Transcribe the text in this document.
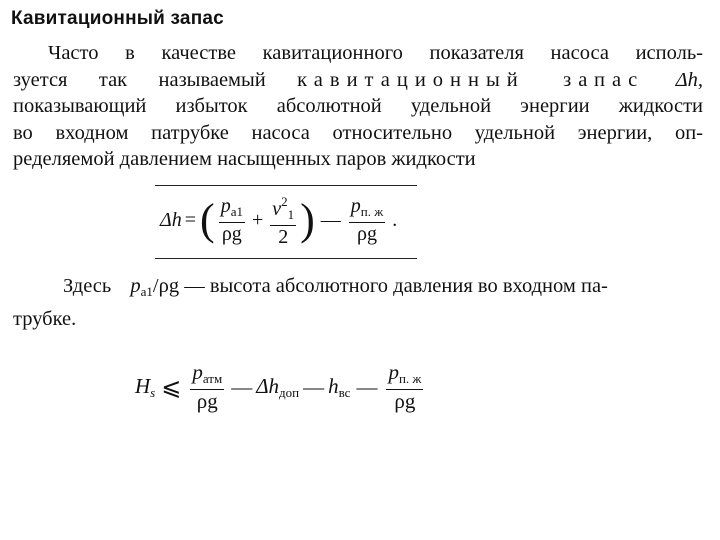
Кавитационный запас
Часто в качестве кавитационного показателя насоса исполь-
зуется так называемый кавитационный запас Δh,
показывающий избыток абсолютной удельной энергии жидкости
во входном патрубке насоса относительно удельной энергии, оп-
ределяемой давлением насыщенных паров жидкости
Δh = ( $\frac{p_{a1}}{\rho g} + \frac{v^2_1}{2}$ ) — $\frac{p_{п. ж}}{\rho g}$ .
Здесь $p_{a1}/\rho g$ — высота абсолютного давления во входном па-
трубке.
$H_s$ ⩽ $\frac{p_{атм}}{\rho g}$ — $\Delta h_{доп}$ — $h_{вс}$ — $\frac{p_{п. ж}}{\rho g}$
